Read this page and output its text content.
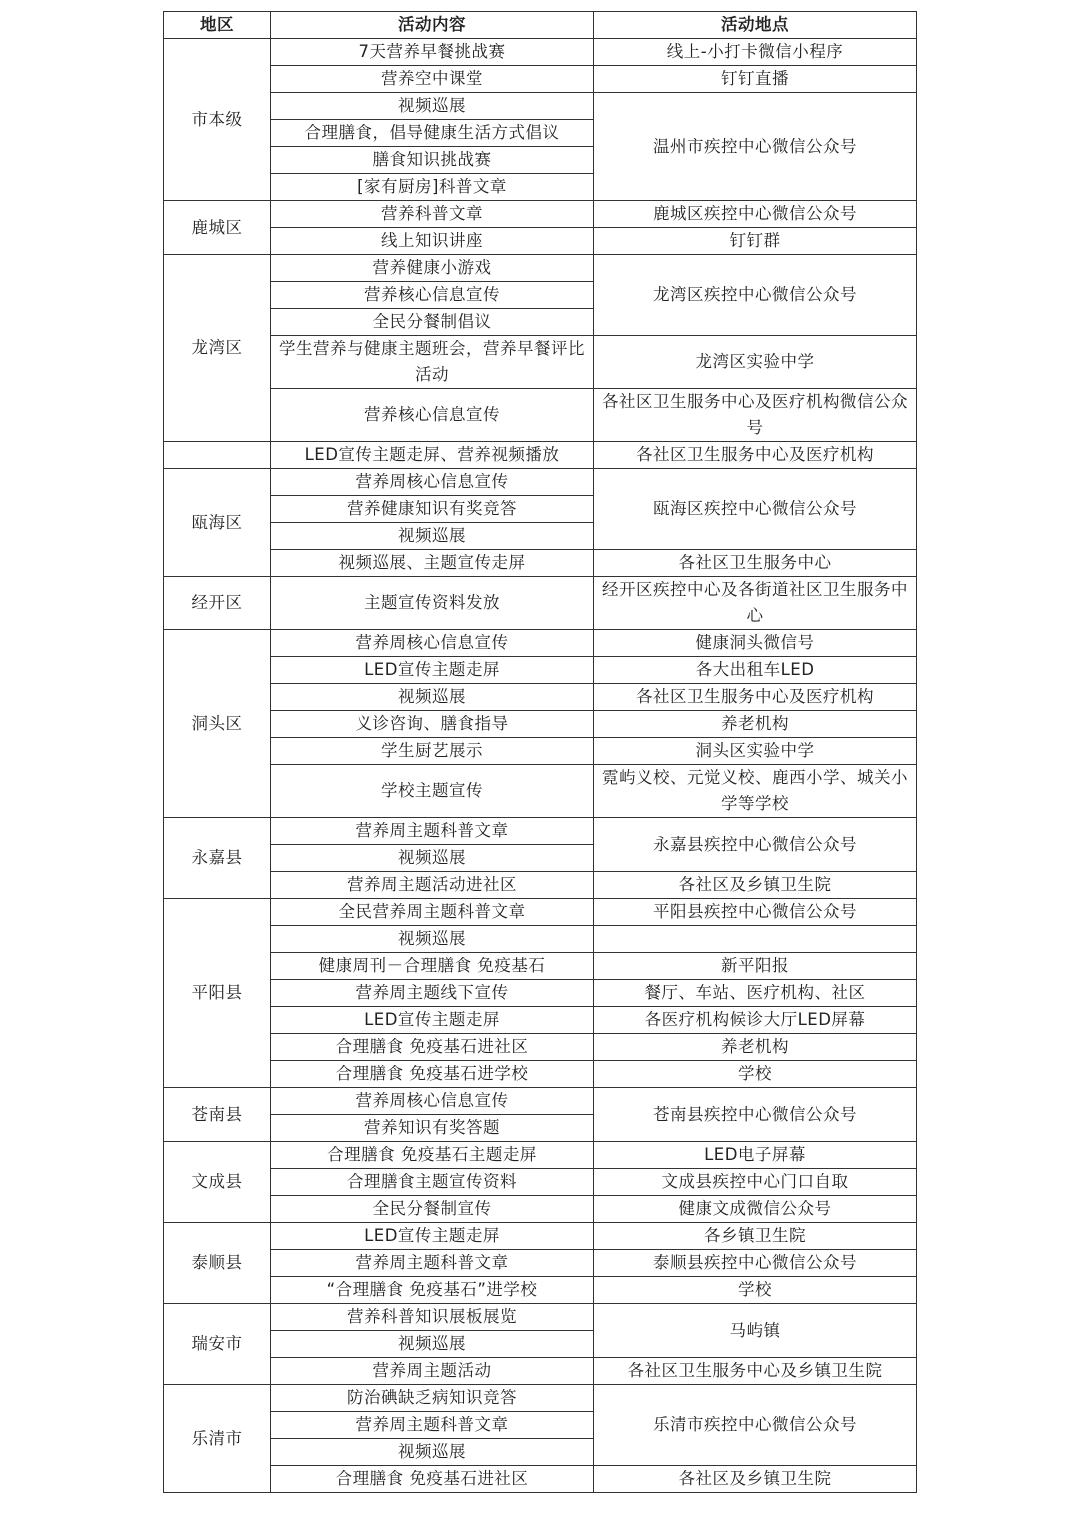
地区	活动内容	活动地点
市本级	7天营养早餐挑战赛	线上-小打卡微信小程序
	营养空中课堂	钉钉直播
	视频巡展	温州市疾控中心微信公众号
	合理膳食，倡导健康生活方式倡议	
	膳食知识挑战赛	
	[家有厨房]科普文章	
鹿城区	营养科普文章	鹿城区疾控中心微信公众号
	线上知识讲座	钉钉群
龙湾区	营养健康小游戏	龙湾区疾控中心微信公众号
	营养核心信息宣传	
	全民分餐制倡议	
	学生营养与健康主题班会，营养早餐评比活动	龙湾区实验中学
	营养核心信息宣传	各社区卫生服务中心及医疗机构微信公众号
	LED宣传主题走屏、营养视频播放	各社区卫生服务中心及医疗机构
瓯海区	营养周核心信息宣传	瓯海区疾控中心微信公众号
	营养健康知识有奖竞答	
	视频巡展	
	视频巡展、主题宣传走屏	各社区卫生服务中心
经开区	主题宣传资料发放	经开区疾控中心及各街道社区卫生服务中心
洞头区	营养周核心信息宣传	健康洞头微信号
	LED宣传主题走屏	各大出租车LED
	视频巡展	各社区卫生服务中心及医疗机构
	义诊咨询、膳食指导	养老机构
	学生厨艺展示	洞头区实验中学
	学校主题宣传	霓屿义校、元觉义校、鹿西小学、城关小学等学校
永嘉县	营养周主题科普文章	永嘉县疾控中心微信公众号
	视频巡展	
	营养周主题活动进社区	各社区及乡镇卫生院
平阳县	全民营养周主题科普文章	平阳县疾控中心微信公众号
	视频巡展	
	健康周刊－合理膳食 免疫基石	新平阳报
	营养周主题线下宣传	餐厅、车站、医疗机构、社区
	LED宣传主题走屏	各医疗机构候诊大厅LED屏幕
	合理膳食 免疫基石进社区	养老机构
	合理膳食 免疫基石进学校	学校
苍南县	营养周核心信息宣传	苍南县疾控中心微信公众号
	营养知识有奖答题	
文成县	合理膳食 免疫基石主题走屏	LED电子屏幕
	合理膳食主题宣传资料	文成县疾控中心门口自取
	全民分餐制宣传	健康文成微信公众号
泰顺县	LED宣传主题走屏	各乡镇卫生院
	营养周主题科普文章	泰顺县疾控中心微信公众号
	“合理膳食 免疫基石”进学校	学校
瑞安市	营养科普知识展板展览	马屿镇
	视频巡展	
	营养周主题活动	各社区卫生服务中心及乡镇卫生院
乐清市	防治碘缺乏病知识竞答	乐清市疾控中心微信公众号
	营养周主题科普文章	
	视频巡展	
	合理膳食 免疫基石进社区	各社区及乡镇卫生院
